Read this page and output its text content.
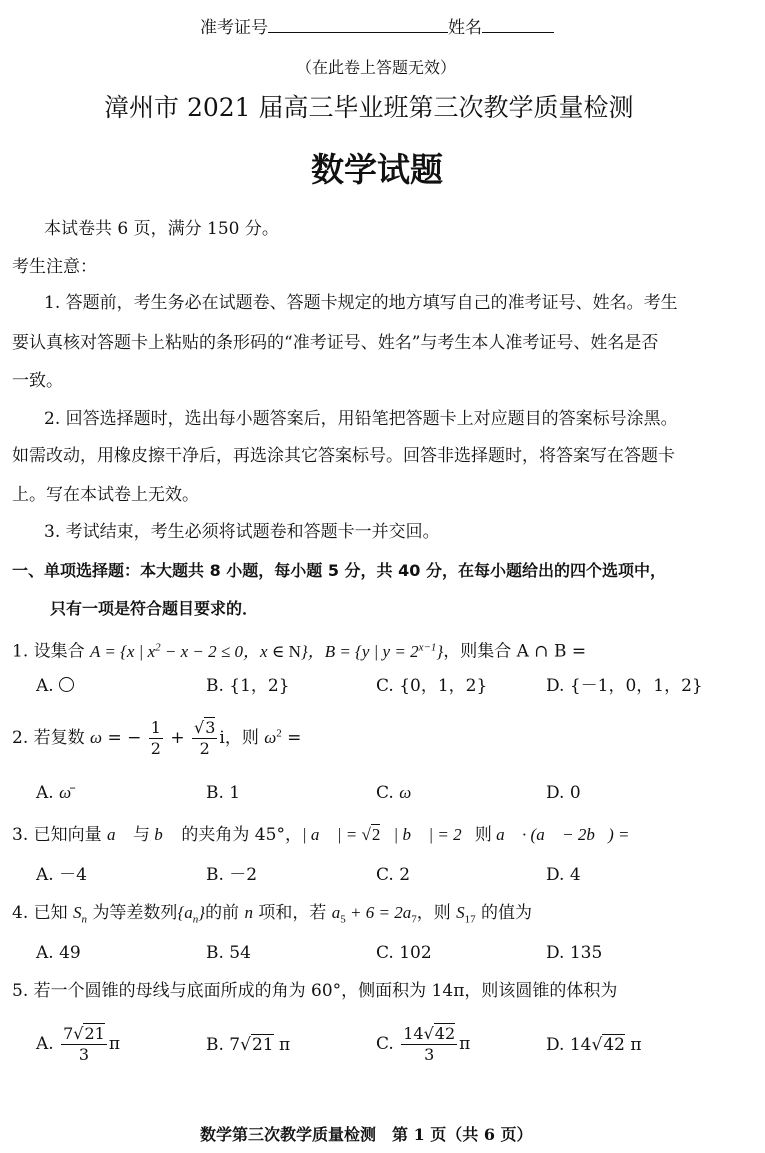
准考证号	姓名
（在此卷上答题无效）
漳州市 2021 届高三毕业班第三次教学质量检测
数学试题
本试卷共 6 页，满分 150 分。
考生注意：
1. 答题前，考生务必在试题卷、答题卡规定的地方填写自己的准考证号、姓名。考生
要认真核对答题卡上粘贴的条形码的“准考证号、姓名”与考生本人准考证号、姓名是否
一致。
2. 回答选择题时，选出每小题答案后，用铅笔把答题卡上对应题目的答案标号涂黑。
如需改动，用橡皮擦干净后，再选涂其它答案标号。回答非选择题时，将答案写在答题卡
上。写在本试卷上无效。
3. 考试结束，考生必须将试题卷和答题卡一并交回。
一、单项选择题：本大题共 8 小题，每小题 5 分，共 40 分，在每小题给出的四个选项中，
只有一项是符合题目要求的．
1. 设集合 A = {x | $x^2 - x - 2 \le 0$，x ∈ N}，B = {y | $y = 2^{x-1}$}，则集合 A ∩ B =
A.	B. {1，2}	C. {0，1，2}	D. {－1，0，1，2}
2. 若复数 ω = − $\frac{1}{2} + \frac{√3}{2}$ i，则 $\omega^2$ =
A. ω̄	B. 1	C. ω	D. 0
3. 已知向量 a⃗ 与 b⃗ 的夹角为 45°，| a⃗ | = √2，| b⃗ | = 2，则 a⃗ · (a⃗ − 2b⃗) =
A. －4	B. －2	C. 2	D. 4
4. 已知 $S_n$ 为等差数列$\{a_n\}$的前 n 项和，若 $a_5 + 6 = 2a_7$，则 $S_{17}$ 的值为
A. 49	B. 54	C. 102	D. 135
5. 若一个圆锥的母线与底面所成的角为 60°，侧面积为 14π，则该圆锥的体积为
A. $\frac{7√21}{3}$ π	B. 7√21 π	C. $\frac{14√42}{3}$ π	D. 14√42 π
数学第三次教学质量检测　第 1 页（共 6 页）
